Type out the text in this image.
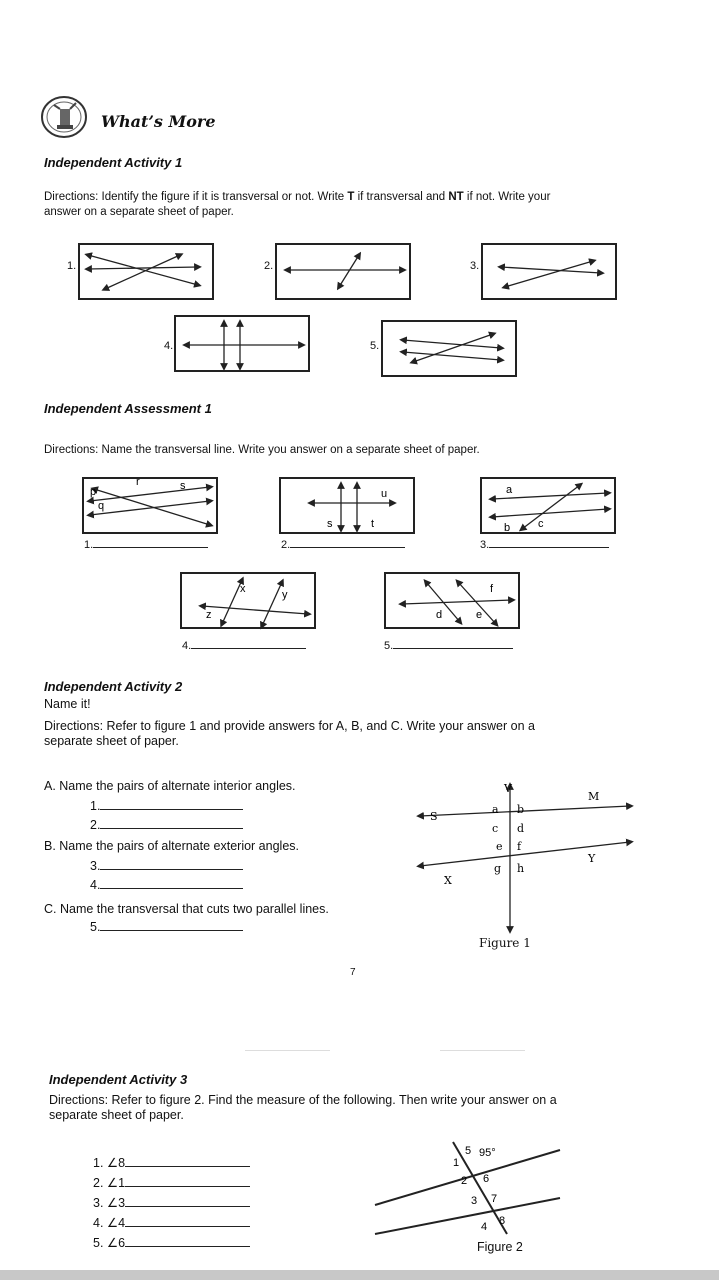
What’s More
Independent Activity 1
Directions: Identify the figure if it is transversal or not. Write T if transversal and NT if not. Write your
answer on a separate sheet of paper.
1.	2.	3.
4.	5.
Independent Assessment 1
Directions: Name the transversal line. Write you answer on a separate sheet of paper.
r	s
p
q
1.
u
s	t
2.
a
b	c
3.
x	y
z
4.
f
d	e
5.
Independent Activity 2
Name it!
Directions: Refer to figure 1 and provide answers for A, B, and C. Write your answer on a
separate sheet of paper.
A. Name the pairs of alternate interior angles.
1.
2.
B. Name the pairs of alternate exterior angles.
3.
4.
C. Name the transversal that cuts two parallel lines.
5.
V
M
S
a b
c d
e f
g h
X
Y
Figure 1
7
Independent Activity 3
Directions: Refer to figure 2. Find the measure of the following. Then write your answer on a
separate sheet of paper.
1. ∠8
2. ∠1
3. ∠3
4. ∠4
5. ∠6
1
5
2 6
3 7
4 8
95°
Figure 2
